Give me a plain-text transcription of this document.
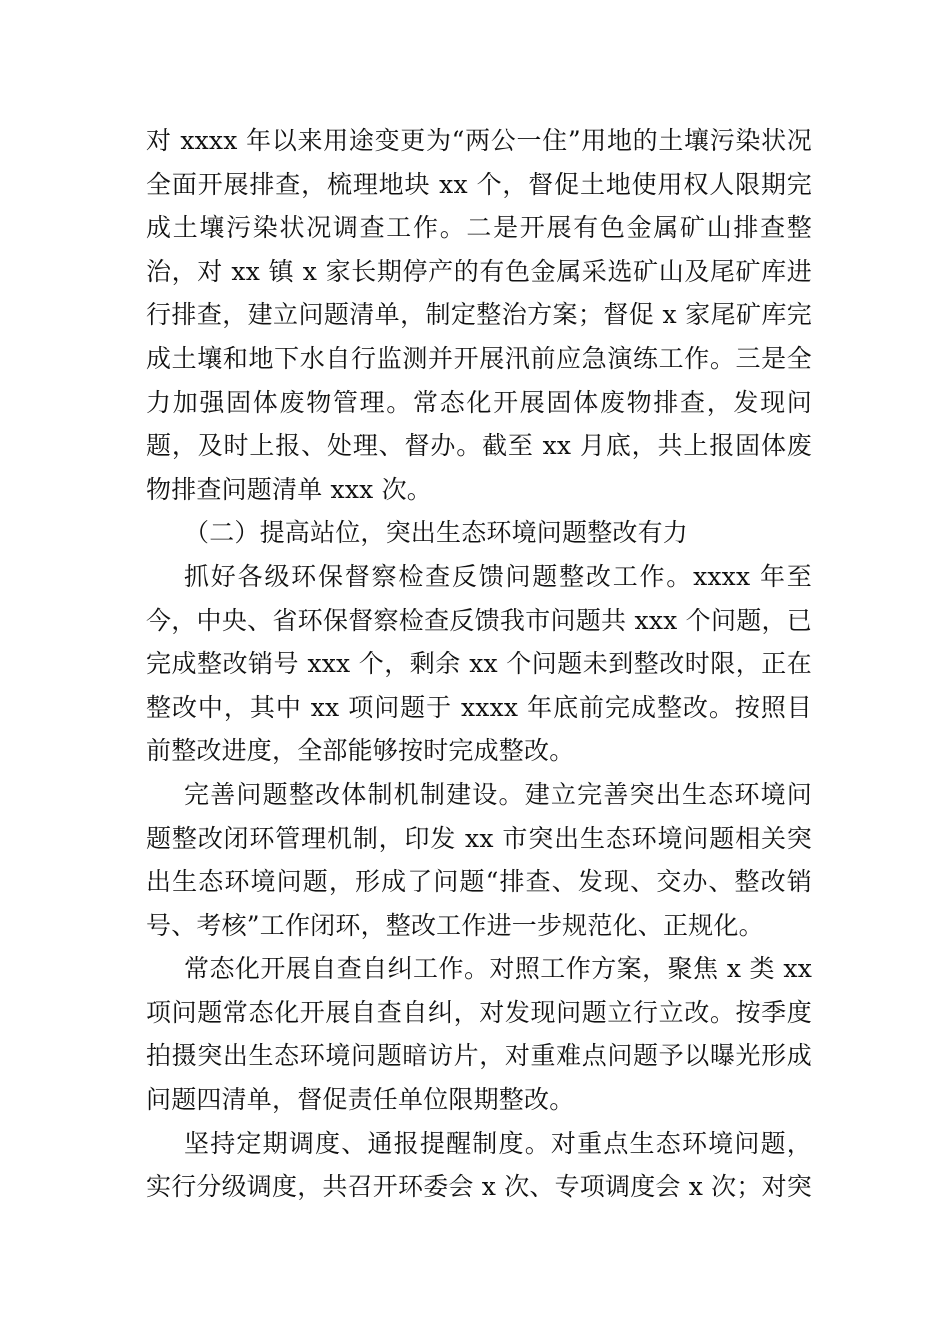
对 xxxx 年以来用途变更为“两公一住”用地的土壤污染状况全面开展排查，梳理地块 xx 个，督促土地使用权人限期完成土壤污染状况调查工作。二是开展有色金属矿山排查整治，对 xx 镇 x 家长期停产的有色金属采选矿山及尾矿库进行排查，建立问题清单，制定整治方案；督促 x 家尾矿库完成土壤和地下水自行监测并开展汛前应急演练工作。三是全力加强固体废物管理。常态化开展固体废物排查，发现问题，及时上报、处理、督办。截至 xx 月底，共上报固体废物排查问题清单 xxx 次。

（二）提高站位，突出生态环境问题整改有力

抓好各级环保督察检查反馈问题整改工作。xxxx 年至今，中央、省环保督察检查反馈我市问题共 xxx 个问题，已完成整改销号 xxx 个，剩余 xx 个问题未到整改时限，正在整改中，其中 xx 项问题于 xxxx 年底前完成整改。按照目前整改进度，全部能够按时完成整改。

完善问题整改体制机制建设。建立完善突出生态环境问题整改闭环管理机制，印发 xx 市突出生态环境问题相关突出生态环境问题，形成了问题“排查、发现、交办、整改销号、考核”工作闭环，整改工作进一步规范化、正规化。

常态化开展自查自纠工作。对照工作方案，聚焦 x 类 xx 项问题常态化开展自查自纠，对发现问题立行立改。按季度拍摄突出生态环境问题暗访片，对重难点问题予以曝光形成问题四清单，督促责任单位限期整改。

坚持定期调度、通报提醒制度。对重点生态环境问题，实行分级调度，共召开环委会 x 次、专项调度会 x 次；对突
